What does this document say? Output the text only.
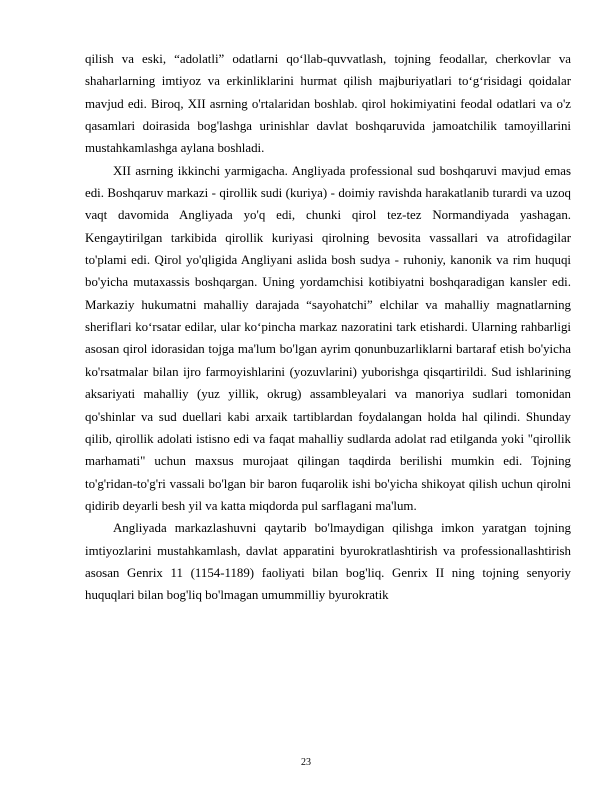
qilish va eski, “adolatli” odatlarni qo‘llab-quvvatlash, tojning feodallar, cherkovlar va shaharlarning imtiyoz va erkinliklarini hurmat qilish majburiyatlari to‘g‘risidagi qoidalar mavjud edi. Biroq, XII asrning o'rtalaridan boshlab. qirol hokimiyatini feodal odatlari va o'z qasamlari doirasida bog'lashga urinishlar davlat boshqaruvida jamoatchilik tamoyillarini mustahkamlashga aylana boshladi.

XII asrning ikkinchi yarmigacha. Angliyada professional sud boshqaruvi mavjud emas edi. Boshqaruv markazi - qirollik sudi (kuriya) - doimiy ravishda harakatlanib turardi va uzoq vaqt davomida Angliyada yo'q edi, chunki qirol tez-tez Normandiyada yashagan. Kengaytirilgan tarkibida qirollik kuriyasi qirolning bevosita vassallari va atrofidagilar to'plami edi. Qirol yo'qligida Angliyani aslida bosh sudya - ruhoniy, kanonik va rim huquqi bo'yicha mutaxassis boshqargan. Uning yordamchisi kotibiyatni boshqaradigan kansler edi. Markaziy hukumatni mahalliy darajada “sayohatchi” elchilar va mahalliy magnatlarning sheriflari ko‘rsatar edilar, ular ko‘pincha markaz nazoratini tark etishardi. Ularning rahbarligi asosan qirol idorasidan tojga ma'lum bo'lgan ayrim qonunbuzarliklarni bartaraf etish bo'yicha ko'rsatmalar bilan ijro farmoyishlarini (yozuvlarini) yuborishga qisqartirildi. Sud ishlarining aksariyati mahalliy (yuz yillik, okrug) assambleyalari va manoriya sudlari tomonidan qo'shinlar va sud duellari kabi arxaik tartiblardan foydalangan holda hal qilindi. Shunday qilib, qirollik adolati istisno edi va faqat mahalliy sudlarda adolat rad etilganda yoki "qirollik marhamati" uchun maxsus murojaat qilingan taqdirda berilishi mumkin edi. Tojning to'g'ridan-to'g'ri vassali bo'lgan bir baron fuqarolik ishi bo'yicha shikoyat qilish uchun qirolni qidirib deyarli besh yil va katta miqdorda pul sarflagani ma'lum.

Angliyada markazlashuvni qaytarib bo'lmaydigan qilishga imkon yaratgan tojning imtiyozlarini mustahkamlash, davlat apparatini byurokratlashtirish va professionallashtirish asosan Genrix 11 (1154-1189) faoliyati bilan bog'liq. Genrix II ning tojning senyoriy huquqlari bilan bog'liq bo'lmagan umummilliy byurokratik

23
